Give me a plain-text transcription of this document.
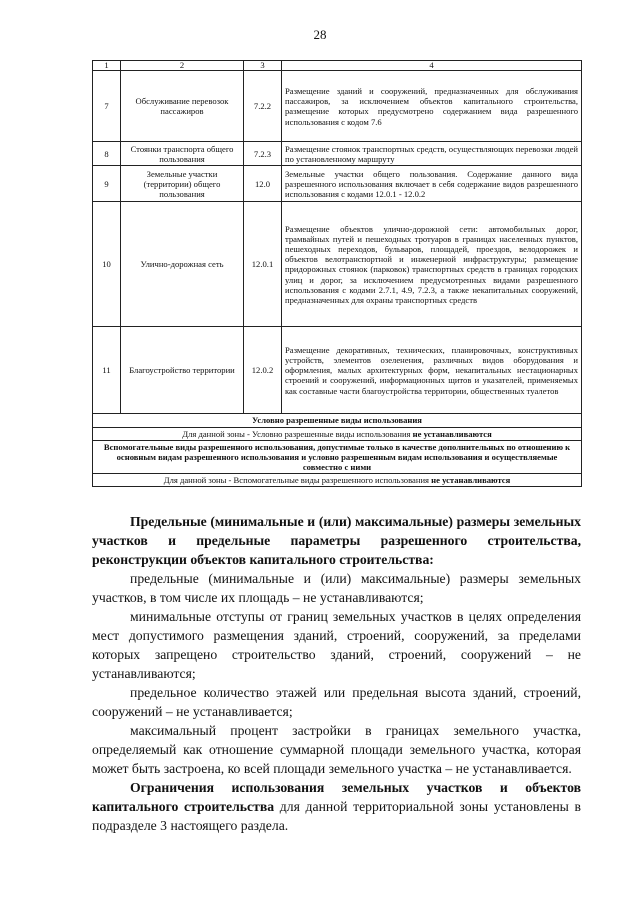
28
1	2	3	4
7	Обслуживание перевозок пассажиров	7.2.2	Размещение зданий и сооружений, предназначенных для обслуживания пассажиров, за исключением объектов капитального строительства, размещение которых предусмотрено содержанием вида разрешенного использования с кодом 7.6
8	Стоянки транспорта общего пользования	7.2.3	Размещение стоянок транспортных средств, осуществляющих перевозки людей по установленному маршруту
9	Земельные участки (территории) общего пользования	12.0	Земельные участки общего пользования. Содержание данного вида разрешенного использования включает в себя содержание видов разрешенного использования с кодами 12.0.1 - 12.0.2
10	Улично-дорожная сеть	12.0.1	Размещение объектов улично-дорожной сети: автомобильных дорог, трамвайных путей и пешеходных тротуаров в границах населенных пунктов, пешеходных переходов, бульваров, площадей, проездов, велодорожек и объектов велотранспортной и инженерной инфраструктуры; размещение придорожных стоянок (парковок) транспортных средств в границах городских улиц и дорог, за исключением предусмотренных видами разрешенного использования с кодами 2.7.1, 4.9, 7.2.3, а также некапитальных сооружений, предназначенных для охраны транспортных средств
11	Благоустройство территории	12.0.2	Размещение декоративных, технических, планировочных, конструктивных устройств, элементов озеленения, различных видов оборудования и оформления, малых архитектурных форм, некапитальных нестационарных строений и сооружений, информационных щитов и указателей, применяемых как составные части благоустройства территории, общественных туалетов
Условно разрешенные виды использования			
Для данной зоны - Условно разрешенные виды использования не устанавливаются			
Вспомогательные виды разрешенного использования, допустимые только в качестве дополнительных по отношению к основным видам разрешенного использования и условно разрешенным видам использования и осуществляемые совместно с ними			
Для данной зоны - Вспомогательные виды разрешенного использования не устанавливаются			

Предельные (минимальные и (или) максимальные) размеры земельных участков и предельные параметры разрешенного строительства, реконструкции объектов капитального строительства:

предельные (минимальные и (или) максимальные) размеры земельных участков, в том числе их площадь – не устанавливаются;

минимальные отступы от границ земельных участков в целях определения мест допустимого размещения зданий, строений, сооружений, за пределами которых запрещено строительство зданий, строений, сооружений – не устанавливаются;

предельное количество этажей или предельная высота зданий, строений, сооружений – не устанавливается;

максимальный процент застройки в границах земельного участка, определяемый как отношение суммарной площади земельного участка, которая может быть застроена, ко всей площади земельного участка – не устанавливается.

Ограничения использования земельных участков и объектов капитального строительства для данной территориальной зоны установлены в подразделе 3 настоящего раздела.
